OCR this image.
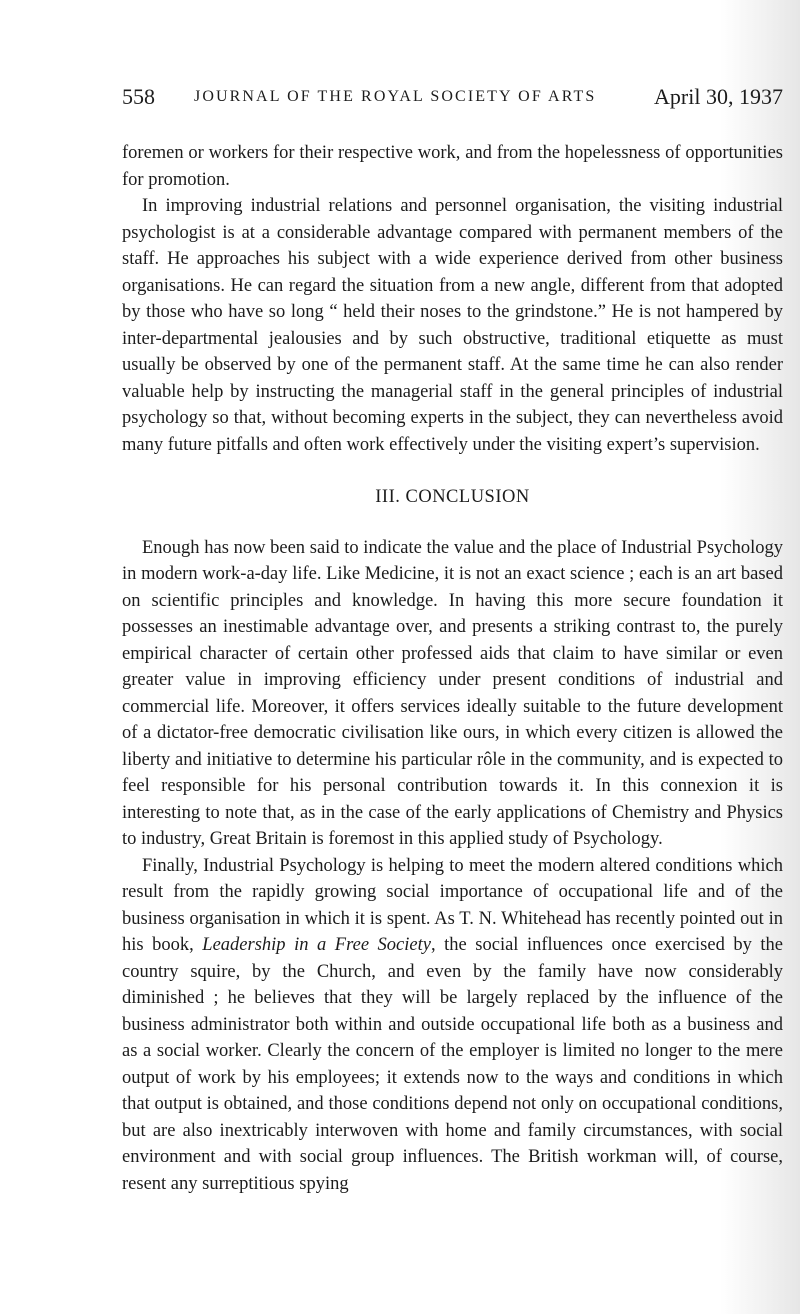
558 JOURNAL OF THE ROYAL SOCIETY OF ARTS	April 30, 1937

foremen or workers for their respective work, and from the hopelessness of opportunities for promotion.

In improving industrial relations and personnel organisation, the visiting industrial psychologist is at a considerable advantage compared with permanent members of the staff. He approaches his subject with a wide experience derived from other business organisations. He can regard the situation from a new angle, different from that adopted by those who have so long “ held their noses to the grindstone.” He is not hampered by inter-departmental jealousies and by such obstructive, traditional etiquette as must usually be observed by one of the permanent staff. At the same time he can also render valuable help by instructing the managerial staff in the general principles of industrial psychology so that, without becoming experts in the subject, they can nevertheless avoid many future pitfalls and often work effectively under the visiting expert’s supervision.

III. CONCLUSION

Enough has now been said to indicate the value and the place of Industrial Psychology in modern work-a-day life. Like Medicine, it is not an exact science ; each is an art based on scientific principles and knowledge. In having this more secure foundation it possesses an inestimable advantage over, and presents a striking contrast to, the purely empirical character of certain other professed aids that claim to have similar or even greater value in improving efficiency under present conditions of industrial and commercial life. Moreover, it offers services ideally suitable to the future development of a dictator-free democratic civilisation like ours, in which every citizen is allowed the liberty and initiative to determine his particular rôle in the community, and is expected to feel responsible for his personal contribution towards it. In this connexion it is interesting to note that, as in the case of the early applications of Chemistry and Physics to industry, Great Britain is foremost in this applied study of Psychology.

Finally, Industrial Psychology is helping to meet the modern altered conditions which result from the rapidly growing social importance of occupational life and of the business organisation in which it is spent. As T. N. Whitehead has recently pointed out in his book, Leadership in a Free Society, the social influences once exercised by the country squire, by the Church, and even by the family have now considerably diminished ; he believes that they will be largely replaced by the influence of the business administrator both within and outside occupational life both as a business and as a social worker. Clearly the concern of the employer is limited no longer to the mere output of work by his employees; it extends now to the ways and conditions in which that output is obtained, and those conditions depend not only on occupational conditions, but are also inextricably interwoven with home and family circumstances, with social environment and with social group influences. The British workman will, of course, resent any surreptitious spying
